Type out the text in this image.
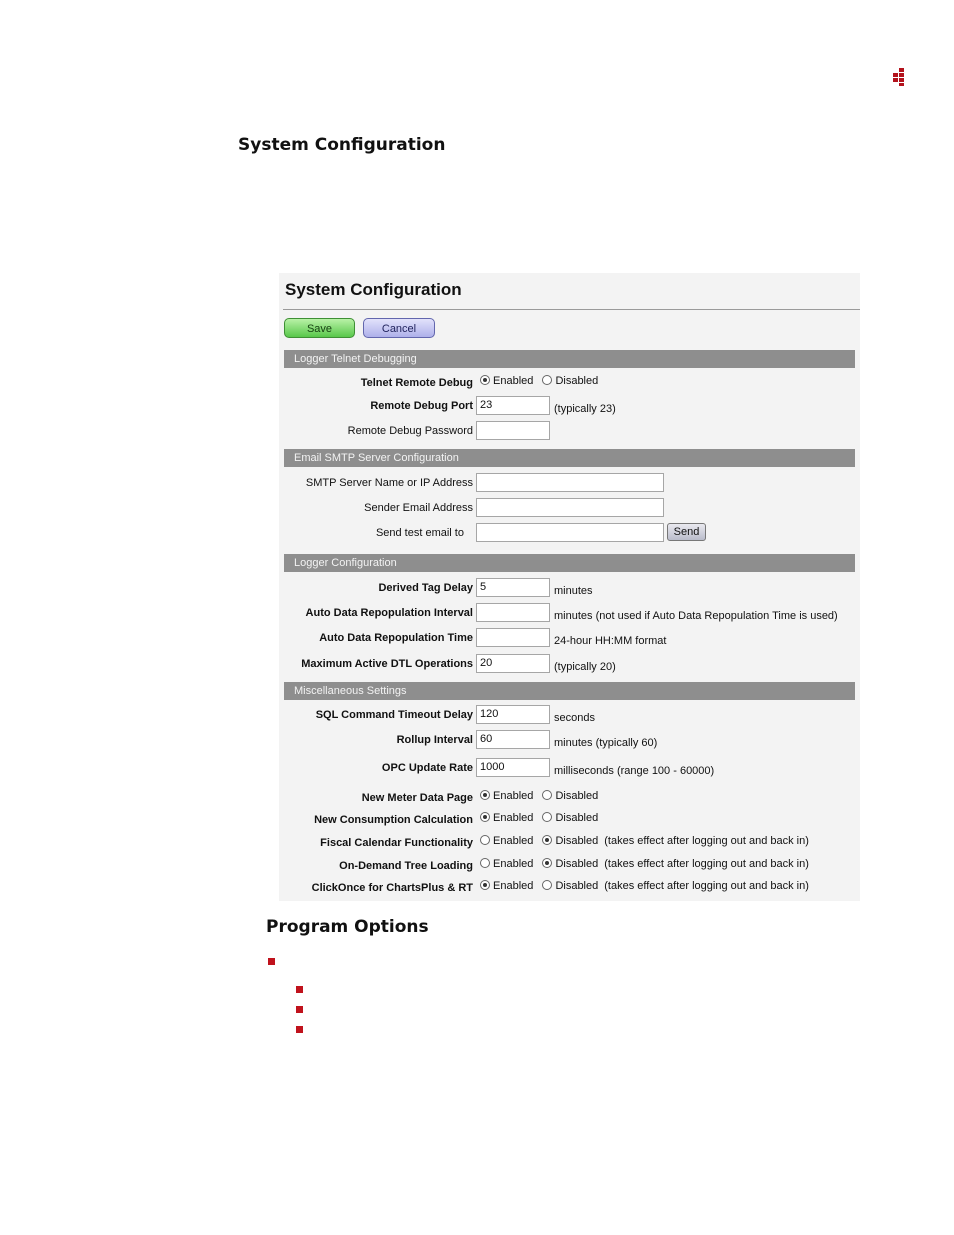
System Configuration
System Configuration
Save	Cancel
Logger Telnet Debugging
Telnet Remote Debug	Enabled Disabled
Remote Debug Port 23	(typically 23)
Remote Debug Password
Email SMTP Server Configuration
SMTP Server Name or IP Address
Sender Email Address
Send test email to	Send
Logger Configuration
Derived Tag Delay 5	minutes
Auto Data Repopulation Interval	minutes (not used if Auto Data Repopulation Time is used)
Auto Data Repopulation Time	24-hour HH:MM format
Maximum Active DTL Operations 20	(typically 20)
Miscellaneous Settings
SQL Command Timeout Delay 120	seconds
Rollup Interval 60	minutes (typically 60)
OPC Update Rate 1000	milliseconds (range 100 - 60000)
New Meter Data Page	Enabled Disabled
New Consumption Calculation	Enabled Disabled
Fiscal Calendar Functionality	Enabled Disabled (takes effect after logging out and back in)
On-Demand Tree Loading	Enabled Disabled (takes effect after logging out and back in)
ClickOnce for ChartsPlus & RT	Enabled Disabled (takes effect after logging out and back in)
Program Options
